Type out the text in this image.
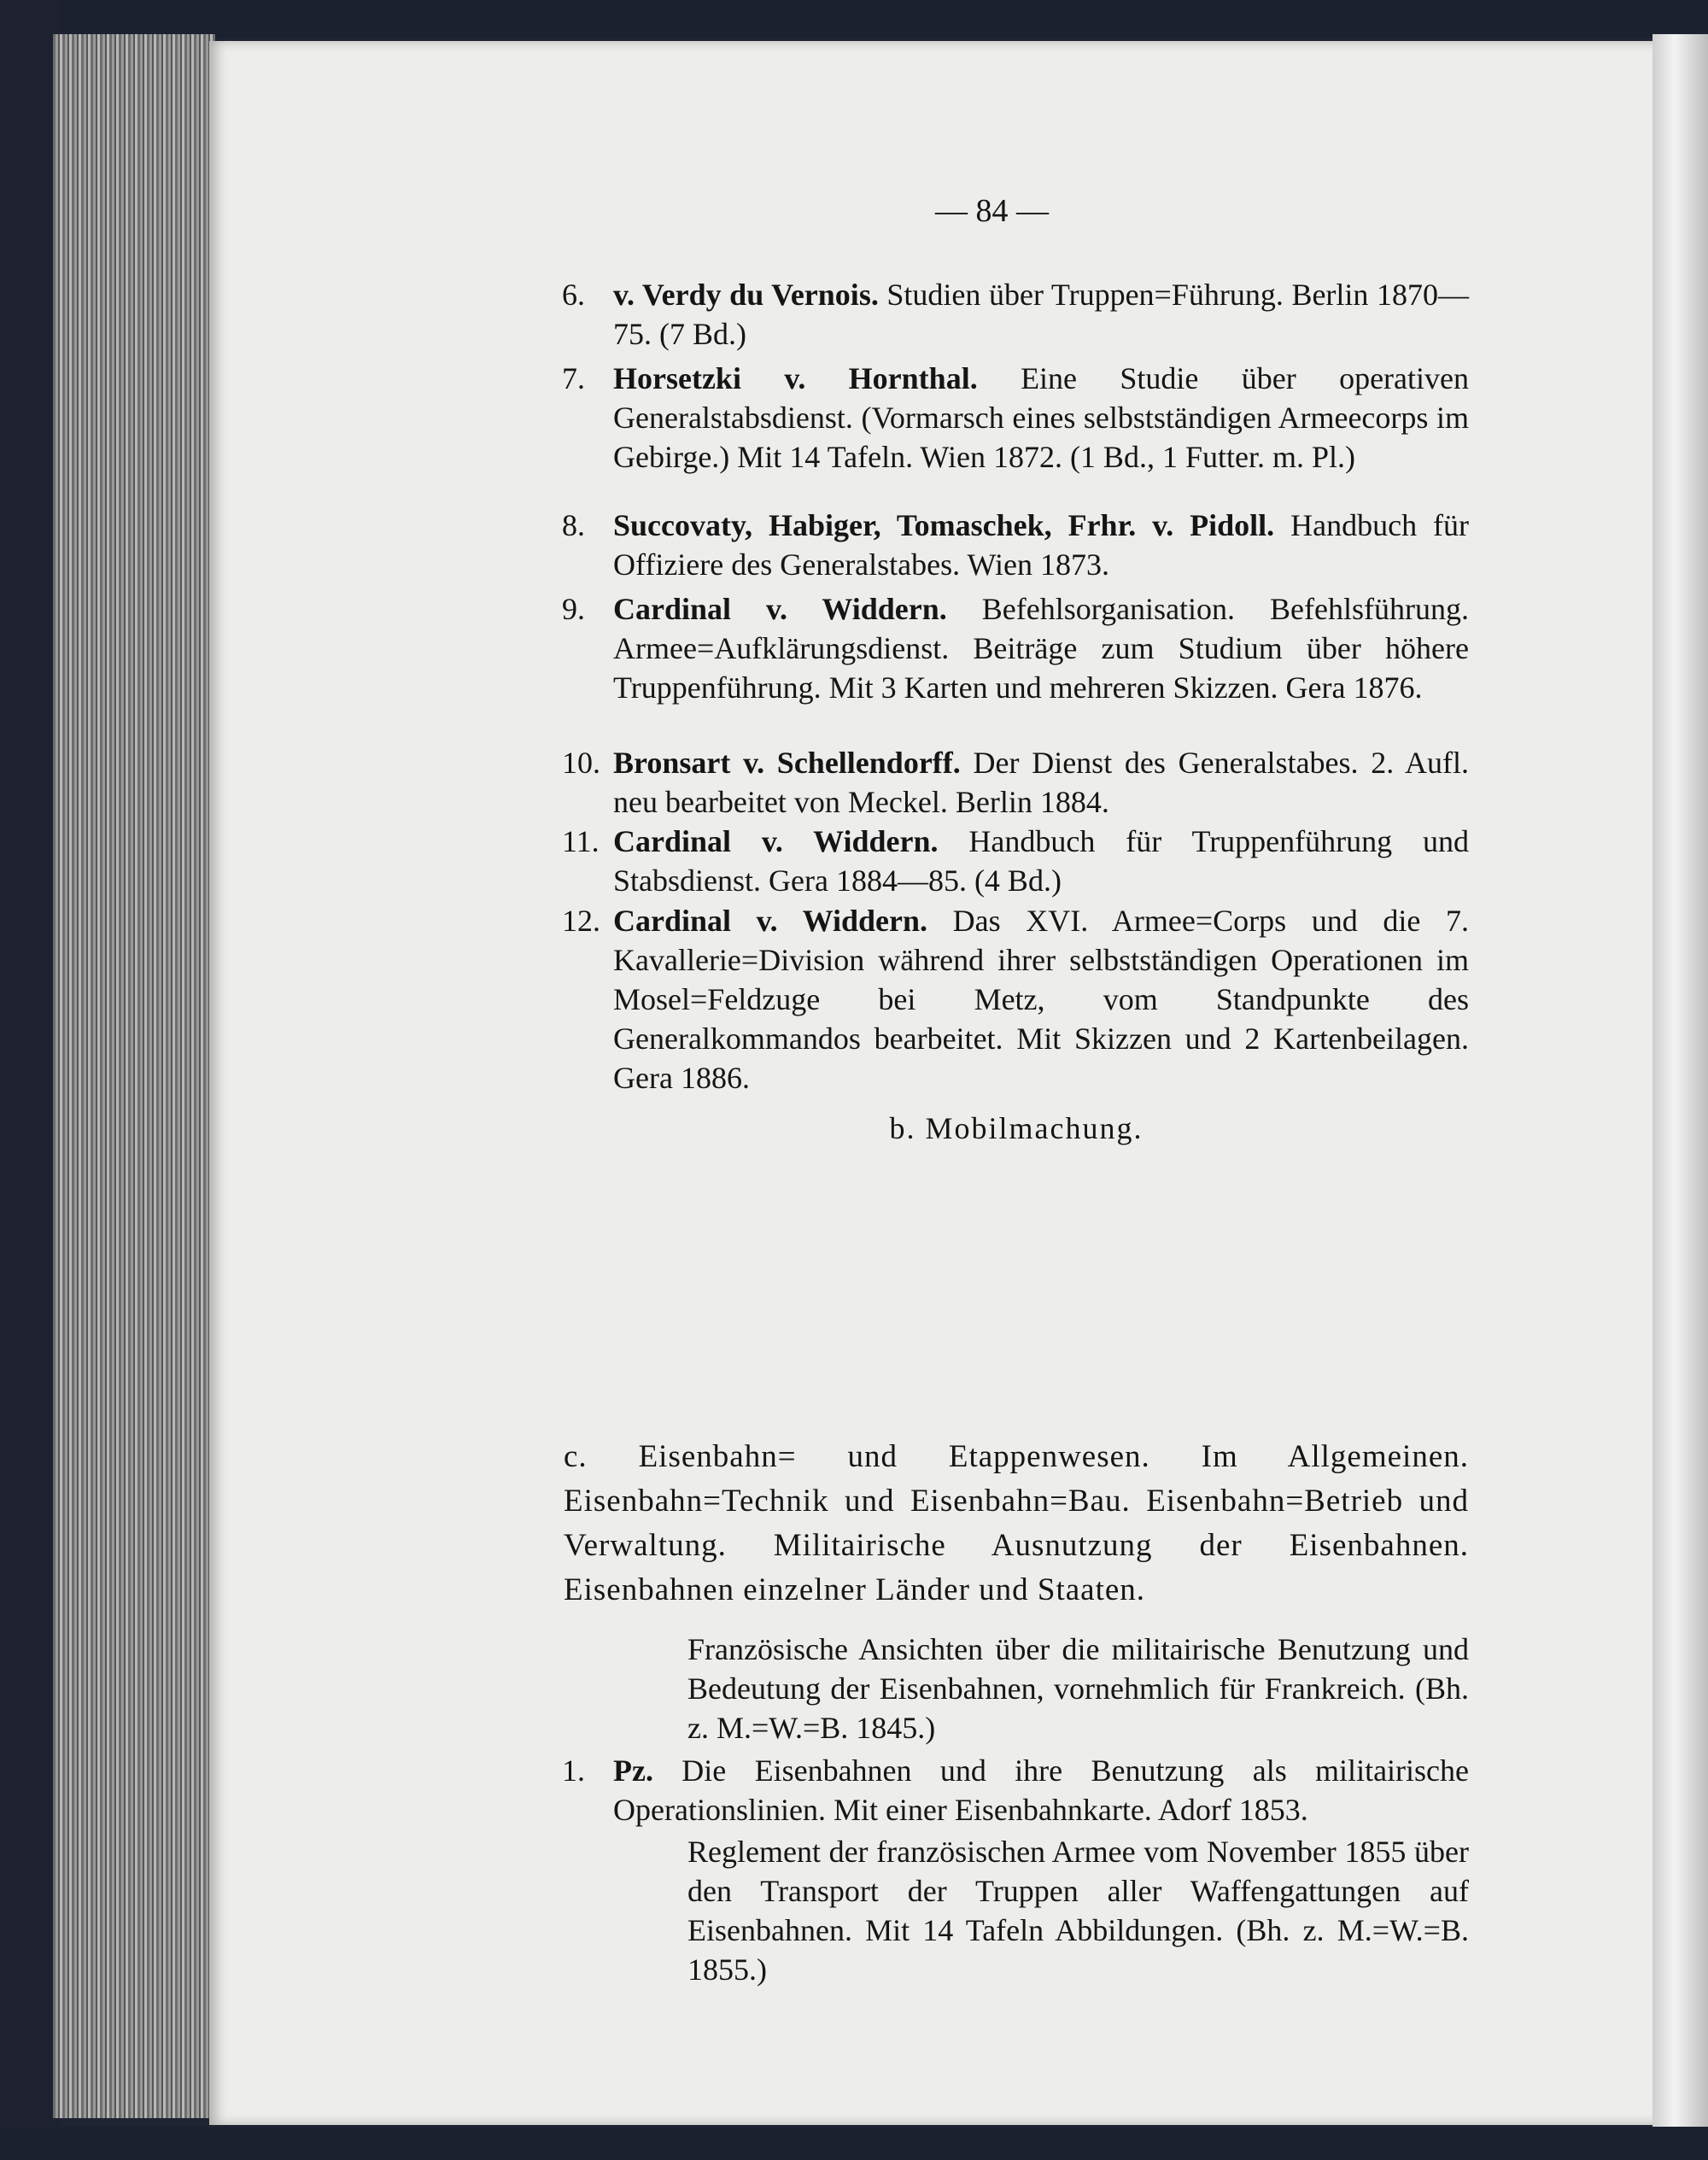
— 84 —
6. v. Verdy du Vernois. Studien über Truppen=Führung. Berlin 1870—75. (7 Bd.)
7. Horsetzki v. Hornthal. Eine Studie über operativen Generalstabsdienst. (Vormarsch eines selbstständigen Armeecorps im Gebirge.) Mit 14 Tafeln. Wien 1872. (1 Bd., 1 Futter. m. Pl.)
8. Succovaty, Habiger, Tomaschek, Frhr. v. Pidoll. Handbuch für Offiziere des Generalstabes. Wien 1873.
9. Cardinal v. Widdern. Befehlsorganisation. Befehlsführung. Armee=Aufklärungsdienst. Beiträge zum Studium über höhere Truppenführung. Mit 3 Karten und mehreren Skizzen. Gera 1876.
10. Bronsart v. Schellendorff. Der Dienst des Generalstabes. 2. Aufl. neu bearbeitet von Meckel. Berlin 1884.
11. Cardinal v. Widdern. Handbuch für Truppenführung und Stabsdienst. Gera 1884—85. (4 Bd.)
12. Cardinal v. Widdern. Das XVI. Armee=Corps und die 7. Kavallerie=Division während ihrer selbstständigen Operationen im Mosel=Feldzuge bei Metz, vom Standpunkte des Generalkommandos bearbeitet. Mit Skizzen und 2 Kartenbeilagen. Gera 1886.
b. Mobilmachung.
c. Eisenbahn= und Etappenwesen. Im Allgemeinen. Eisenbahn=Technik und Eisenbahn=Bau. Eisenbahn=Betrieb und Verwaltung. Militairische Ausnutzung der Eisenbahnen. Eisenbahnen einzelner Länder und Staaten.
Französische Ansichten über die militairische Benutzung und Bedeutung der Eisenbahnen, vornehmlich für Frankreich. (Bh. z. M.=W.=B. 1845.)
1. Pz. Die Eisenbahnen und ihre Benutzung als militairische Operationslinien. Mit einer Eisenbahnkarte. Adorf 1853.
Reglement der französischen Armee vom November 1855 über den Transport der Truppen aller Waffengattungen auf Eisenbahnen. Mit 14 Tafeln Abbildungen. (Bh. z. M.=W.=B. 1855.)
